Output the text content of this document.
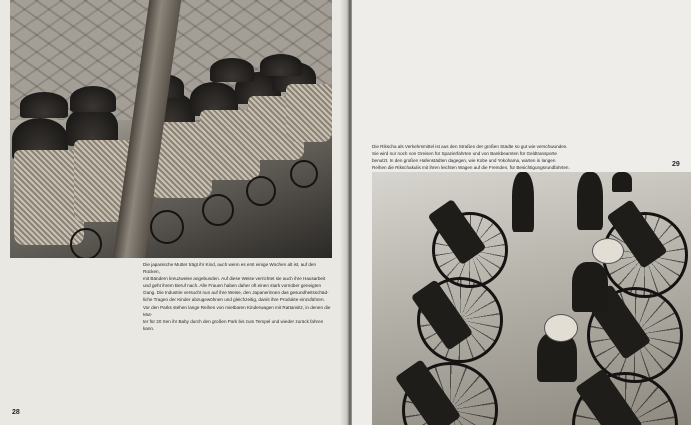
Die japanische Mutter trägt ihr Kind, auch wenn es erst einige Wochen alt ist, auf den Rücken,

mit Bändern kreuzweise angebunden. Auf diese Weise verrichtet sie auch ihre Hausarbeit

und geht ihrem Beruf nach. Alle Frauen haben daher oft einen stark vornüber geneigten

Gang. Die Industrie versucht nun auf ihre Weise, den Japanerinnen das gesundheitsschäd-

liche Tragen der Kinder abzugewöhnen und gleichzeitig, damit ihre Produkte einzuführen.

Vor den Parks stehen lange Reihen von mietbaren Kinderwagen mit Rattansitz, in denen die Mut-

ter für 20 Sen ihr Baby durch den großen Park bis zum Tempel und wieder zurück fahren kann.

28

Die Rikscha als Verkehrsmittel ist aus den Straßen der großen Städte so gut wie verschwunden.

Sie wird nur noch von Greisen für Spazierfahrten und von Bankbeamten für Geldtransporte

benutzt. In den großen Hafenstädten dagegen, wie Kobe und Yokohama, warten in langen

Reihen die Rikschakulis mit ihren leichten Wagen auf die Fremden, für Besichtigungsrundfahrten.	29
